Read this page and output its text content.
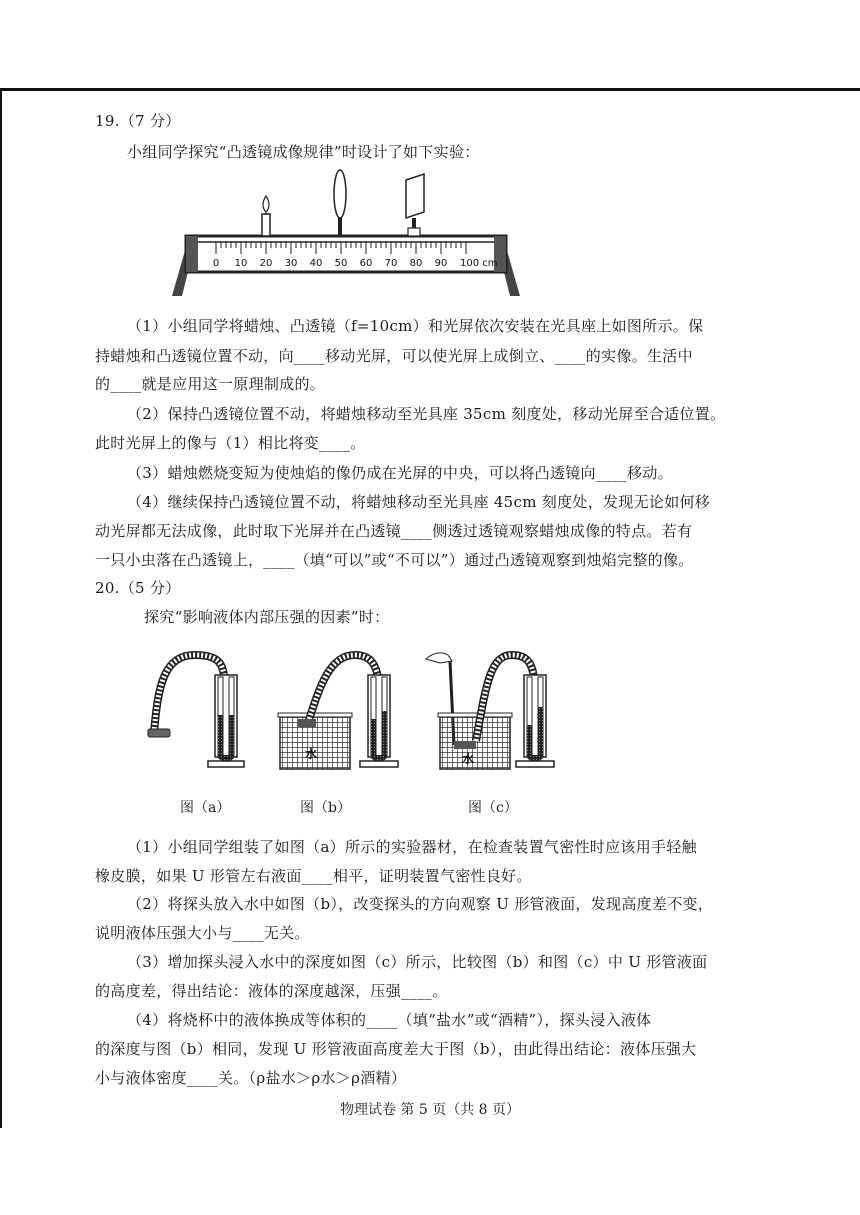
19.（7 分）
小组同学探究“凸透镜成像规律”时设计了如下实验：
0 10 20 30 40 50 60 70 80 90 100 cm
（1）小组同学将蜡烛、凸透镜（f=10cm）和光屏依次安装在光具座上如图所示。保
持蜡烛和凸透镜位置不动，向____移动光屏，可以使光屏上成倒立、____的实像。生活中
的____就是应用这一原理制成的。
（2）保持凸透镜位置不动，将蜡烛移动至光具座 35cm 刻度处，移动光屏至合适位置。
此时光屏上的像与（1）相比将变____。
（3）蜡烛燃烧变短为使烛焰的像仍成在光屏的中央，可以将凸透镜向____移动。
（4）继续保持凸透镜位置不动，将蜡烛移动至光具座 45cm 刻度处，发现无论如何移
动光屏都无法成像，此时取下光屏并在凸透镜____侧透过透镜观察蜡烛成像的特点。若有
一只小虫落在凸透镜上，____（填“可以”或“不可以”）通过凸透镜观察到烛焰完整的像。
20.（5 分）
探究“影响液体内部压强的因素”时：
水	水
图（a）	图（b）	图（c）
（1）小组同学组装了如图（a）所示的实验器材，在检查装置气密性时应该用手轻触
橡皮膜，如果 U 形管左右液面____相平，证明装置气密性良好。
（2）将探头放入水中如图（b），改变探头的方向观察 U 形管液面，发现高度差不变，
说明液体压强大小与____无关。
（3）增加探头浸入水中的深度如图（c）所示，比较图（b）和图（c）中 U 形管液面
的高度差，得出结论：液体的深度越深，压强____。
（4）将烧杯中的液体换成等体积的____（填“盐水”或“酒精”），探头浸入液体
的深度与图（b）相同，发现 U 形管液面高度差大于图（b），由此得出结论：液体压强大
小与液体密度____关。（ρ盐水＞ρ水＞ρ酒精）
物理试卷 第 5 页（共 8 页）
